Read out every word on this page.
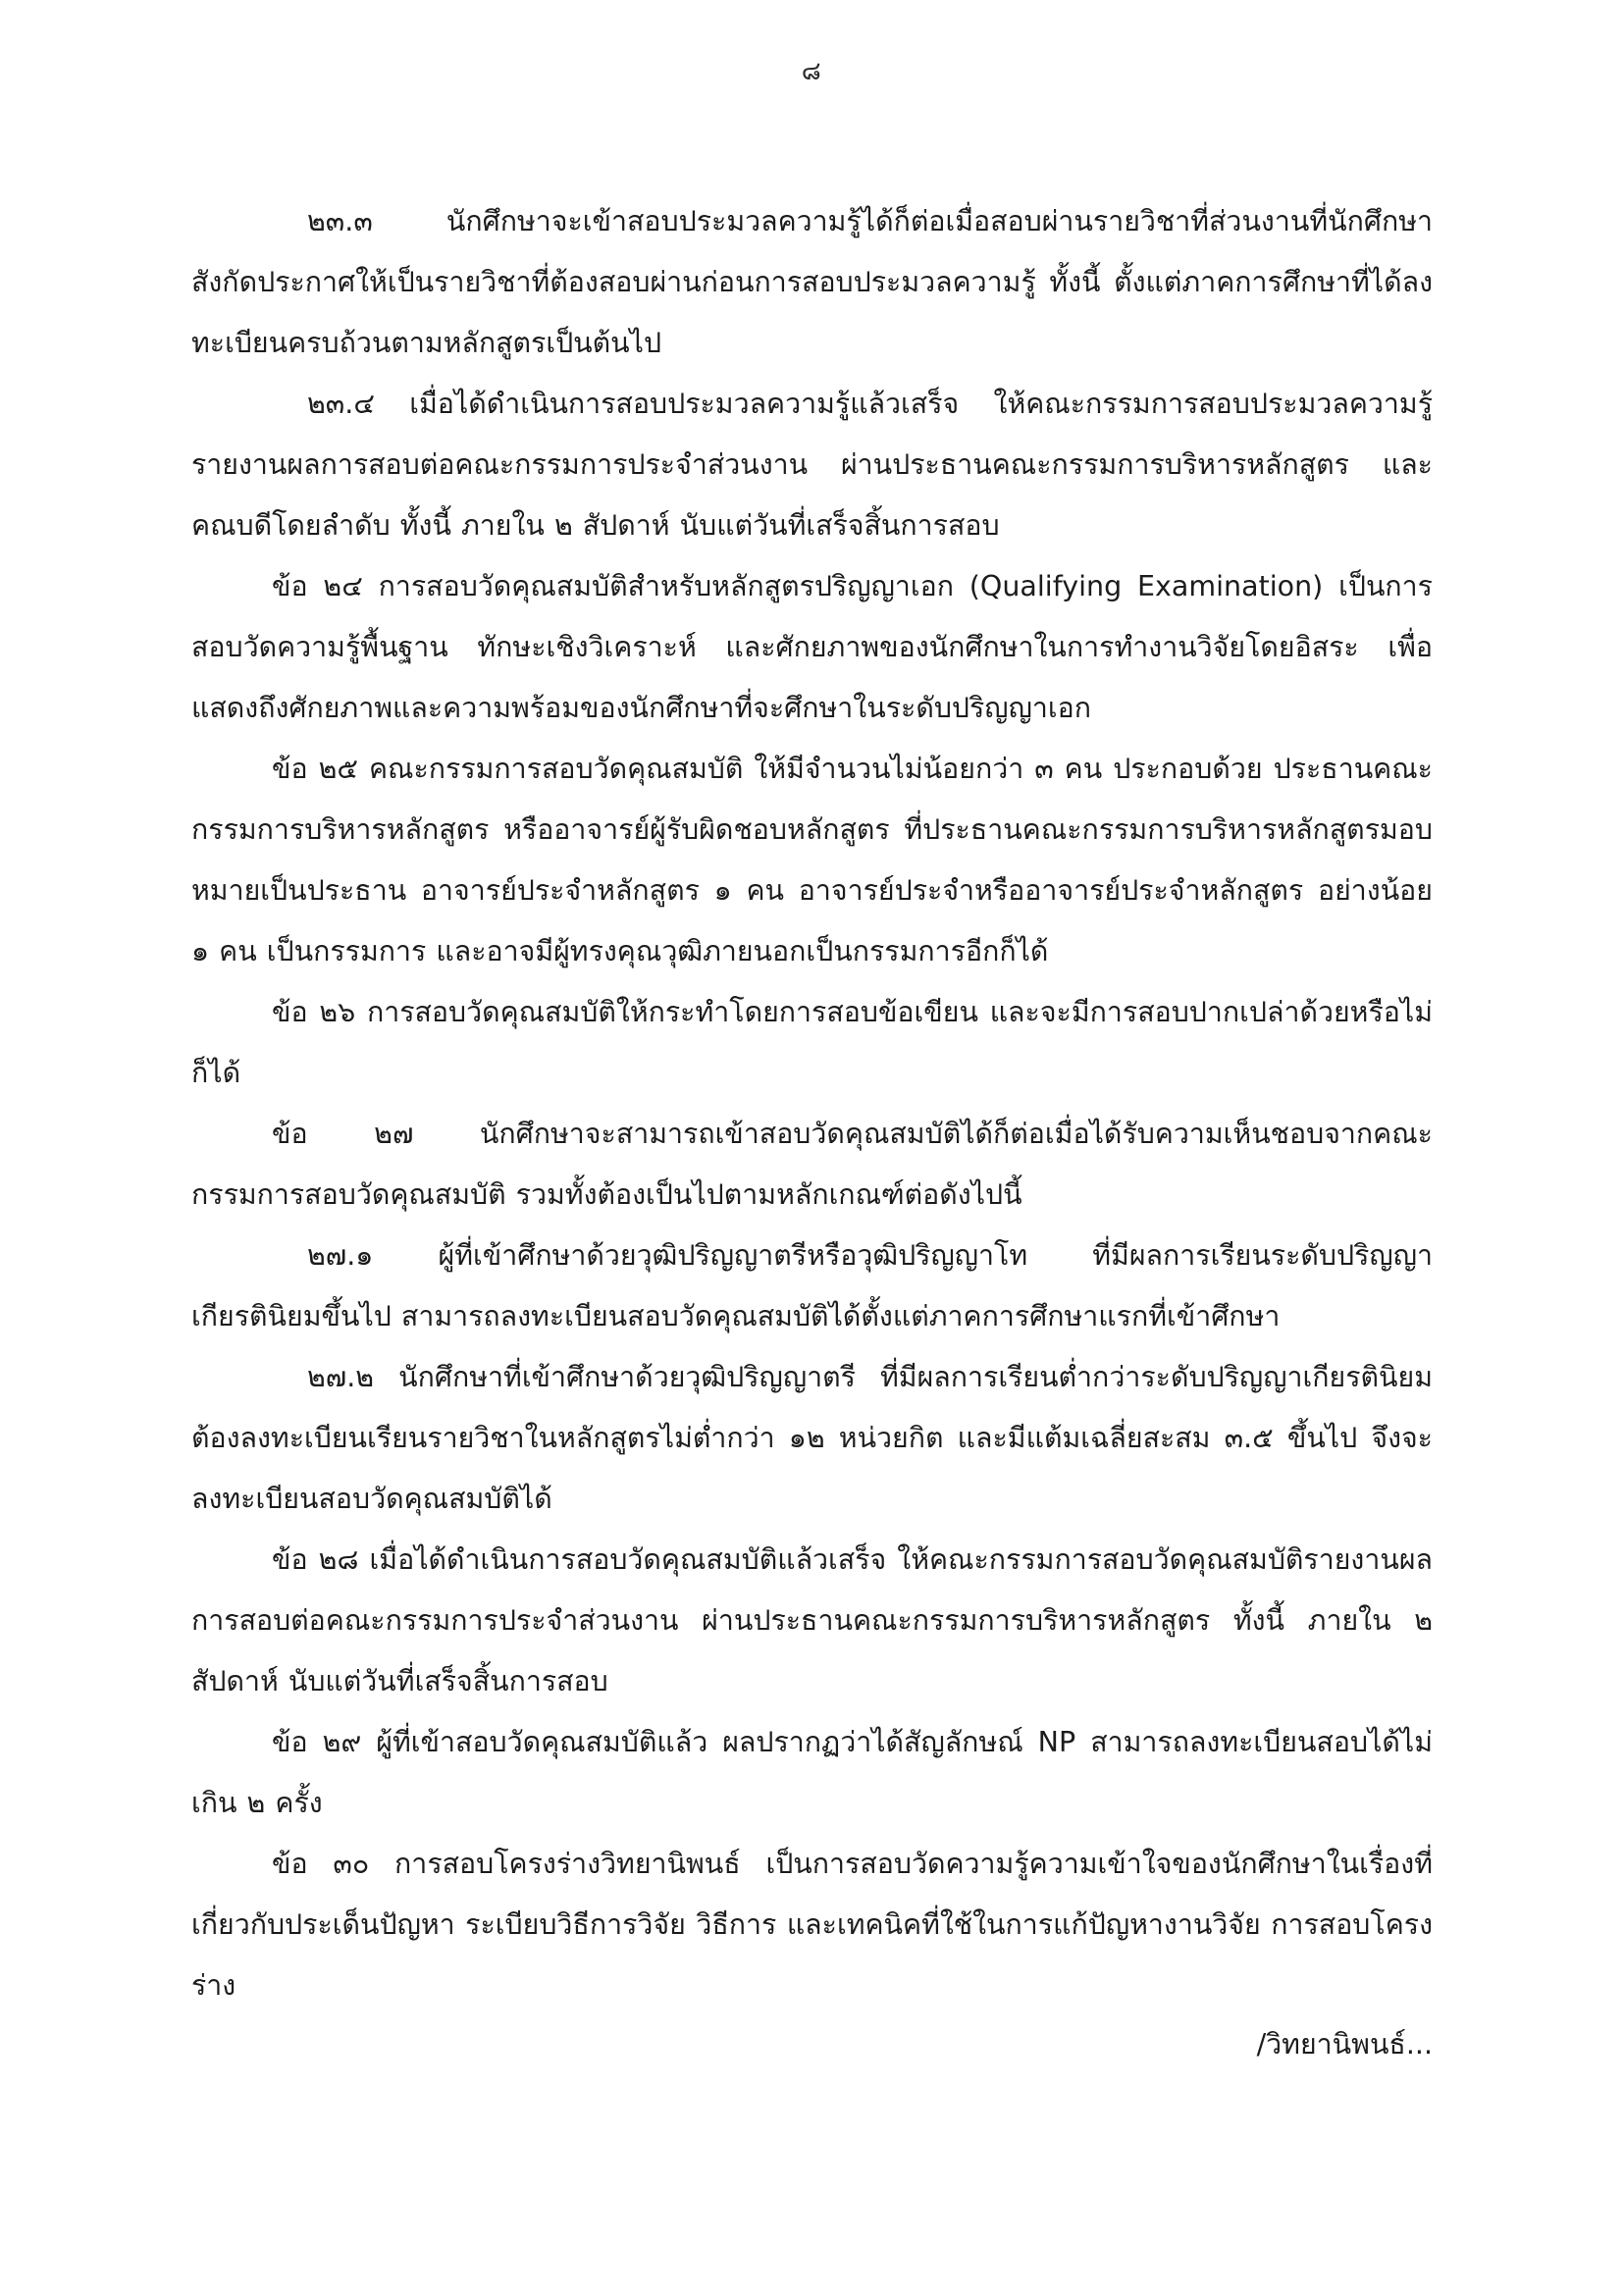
๘

๒๓.๓ นักศึกษาจะเข้าสอบประมวลความรู้ได้ก็ต่อเมื่อสอบผ่านรายวิชาที่ส่วนงานที่นักศึกษาสังกัดประกาศให้เป็นรายวิชาที่ต้องสอบผ่านก่อนการสอบประมวลความรู้ ทั้งนี้ ตั้งแต่ภาคการศึกษาที่ได้ลงทะเบียนครบถ้วนตามหลักสูตรเป็นต้นไป

๒๓.๔ เมื่อได้ดำเนินการสอบประมวลความรู้แล้วเสร็จ ให้คณะกรรมการสอบประมวลความรู้รายงานผลการสอบต่อคณะกรรมการประจำส่วนงาน ผ่านประธานคณะกรรมการบริหารหลักสูตร และคณบดีโดยลำดับ ทั้งนี้ ภายใน ๒ สัปดาห์ นับแต่วันที่เสร็จสิ้นการสอบ

ข้อ ๒๔ การสอบวัดคุณสมบัติสำหรับหลักสูตรปริญญาเอก (Qualifying Examination) เป็นการสอบวัดความรู้พื้นฐาน ทักษะเชิงวิเคราะห์ และศักยภาพของนักศึกษาในการทำงานวิจัยโดยอิสระ เพื่อแสดงถึงศักยภาพและความพร้อมของนักศึกษาที่จะศึกษาในระดับปริญญาเอก

ข้อ ๒๕ คณะกรรมการสอบวัดคุณสมบัติ ให้มีจำนวนไม่น้อยกว่า ๓ คน ประกอบด้วย ประธานคณะกรรมการบริหารหลักสูตร หรืออาจารย์ผู้รับผิดชอบหลักสูตร ที่ประธานคณะกรรมการบริหารหลักสูตรมอบหมายเป็นประธาน อาจารย์ประจำหลักสูตร ๑ คน อาจารย์ประจำหรืออาจารย์ประจำหลักสูตร อย่างน้อย ๑ คน เป็นกรรมการ และอาจมีผู้ทรงคุณวุฒิภายนอกเป็นกรรมการอีกก็ได้

ข้อ ๒๖ การสอบวัดคุณสมบัติให้กระทำโดยการสอบข้อเขียน และจะมีการสอบปากเปล่าด้วยหรือไม่ก็ได้

ข้อ ๒๗ นักศึกษาจะสามารถเข้าสอบวัดคุณสมบัติได้ก็ต่อเมื่อได้รับความเห็นชอบจากคณะกรรมการสอบวัดคุณสมบัติ รวมทั้งต้องเป็นไปตามหลักเกณฑ์ต่อดังไปนี้

๒๗.๑ ผู้ที่เข้าศึกษาด้วยวุฒิปริญญาตรีหรือวุฒิปริญญาโท ที่มีผลการเรียนระดับปริญญาเกียรตินิยมขึ้นไป สามารถลงทะเบียนสอบวัดคุณสมบัติได้ตั้งแต่ภาคการศึกษาแรกที่เข้าศึกษา

๒๗.๒ นักศึกษาที่เข้าศึกษาด้วยวุฒิปริญญาตรี ที่มีผลการเรียนต่ำกว่าระดับปริญญาเกียรตินิยม ต้องลงทะเบียนเรียนรายวิชาในหลักสูตรไม่ต่ำกว่า ๑๒ หน่วยกิต และมีแต้มเฉลี่ยสะสม ๓.๕ ขึ้นไป จึงจะลงทะเบียนสอบวัดคุณสมบัติได้

ข้อ ๒๘ เมื่อได้ดำเนินการสอบวัดคุณสมบัติแล้วเสร็จ ให้คณะกรรมการสอบวัดคุณสมบัติรายงานผลการสอบต่อคณะกรรมการประจำส่วนงาน ผ่านประธานคณะกรรมการบริหารหลักสูตร ทั้งนี้ ภายใน ๒ สัปดาห์ นับแต่วันที่เสร็จสิ้นการสอบ

ข้อ ๒๙ ผู้ที่เข้าสอบวัดคุณสมบัติแล้ว ผลปรากฏว่าได้สัญลักษณ์ NP สามารถลงทะเบียนสอบได้ไม่เกิน ๒ ครั้ง

ข้อ ๓๐ การสอบโครงร่างวิทยานิพนธ์ เป็นการสอบวัดความรู้ความเข้าใจของนักศึกษาในเรื่องที่เกี่ยวกับประเด็นปัญหา ระเบียบวิธีการวิจัย วิธีการ และเทคนิคที่ใช้ในการแก้ปัญหางานวิจัย การสอบโครงร่าง

/วิทยานิพนธ์...
